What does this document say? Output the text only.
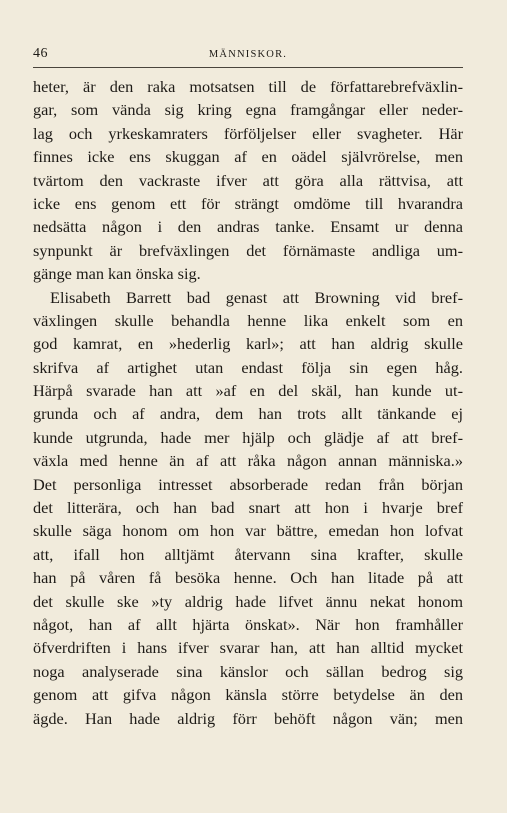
46	MÄNNISKOR.
heter, är den raka motsatsen till de författarebrefväxlin-
gar, som vända sig kring egna framgångar eller neder-
lag och yrkeskamraters förföljelser eller svagheter. Här
finnes icke ens skuggan af en oädel självrörelse, men
tvärtom den vackraste ifver att göra alla rättvisa, att
icke ens genom ett för strängt omdöme till hvarandra
nedsätta någon i den andras tanke. Ensamt ur denna
synpunkt är brefväxlingen det förnämaste andliga um-
gänge man kan önska sig.
Elisabeth Barrett bad genast att Browning vid bref-
växlingen skulle behandla henne lika enkelt som en
god kamrat, en »hederlig karl»; att han aldrig skulle
skrifva af artighet utan endast följa sin egen håg.
Härpå svarade han att »af en del skäl, han kunde ut-
grunda och af andra, dem han trots allt tänkande ej
kunde utgrunda, hade mer hjälp och glädje af att bref-
växla med henne än af att råka någon annan människa.»
Det personliga intresset absorberade redan från början
det litterära, och han bad snart att hon i hvarje bref
skulle säga honom om hon var bättre, emedan hon lofvat
att, ifall hon alltjämt återvann sina krafter, skulle
han på våren få besöka henne. Och han litade på att
det skulle ske »ty aldrig hade lifvet ännu nekat honom
något, han af allt hjärta önskat». När hon framhåller
öfverdriften i hans ifver svarar han, att han alltid mycket
noga analyserade sina känslor och sällan bedrog sig
genom att gifva någon känsla större betydelse än den
ägde. Han hade aldrig förr behöft någon vän; men
